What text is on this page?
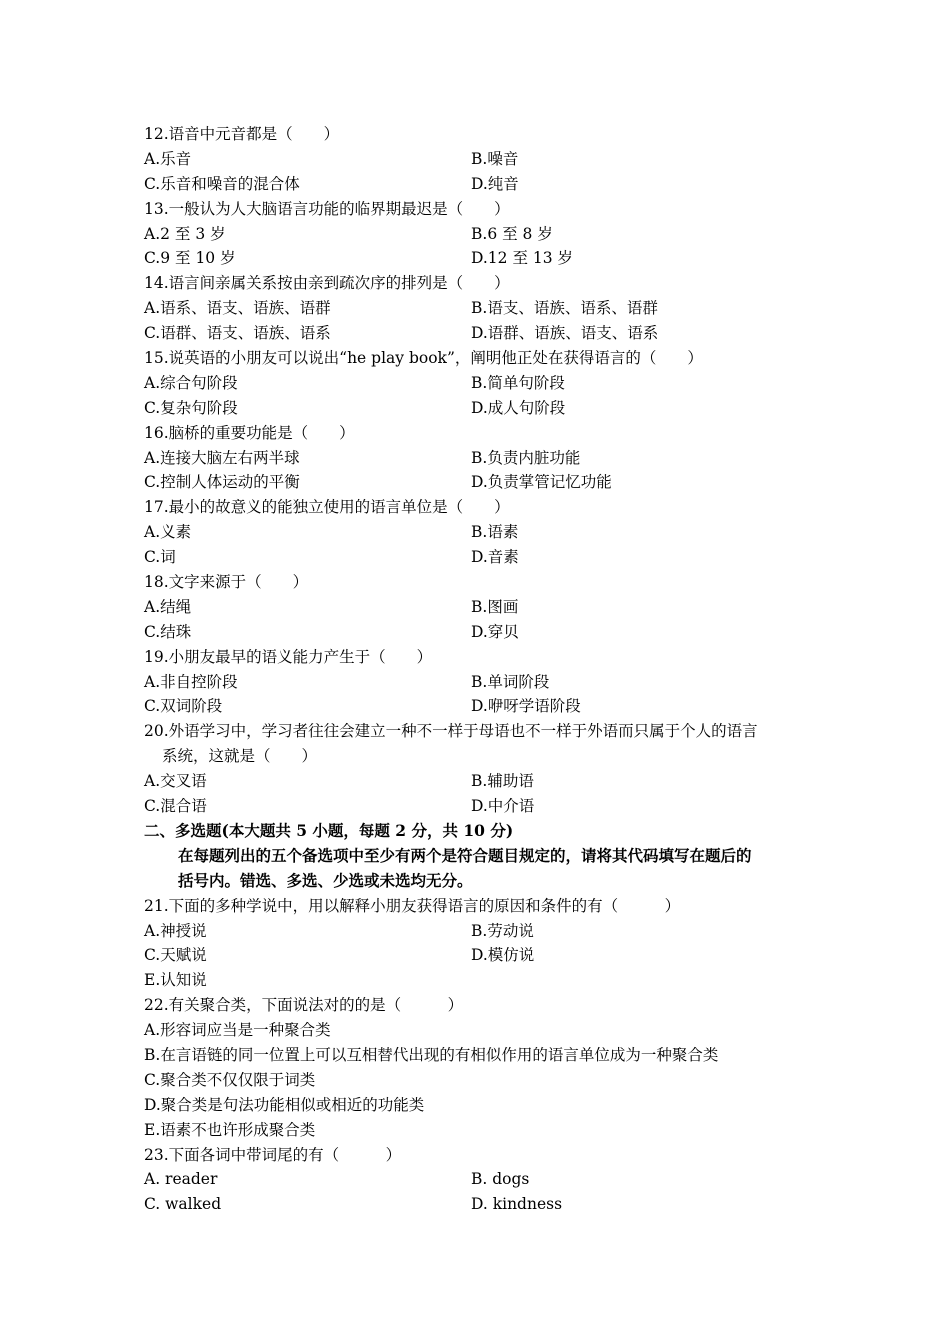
12.语音中元音都是（　　）
A.乐音	B.噪音
C.乐音和噪音的混合体	D.纯音
13.一般认为人大脑语言功能的临界期最迟是（　　）
A.2 至 3 岁	B.6 至 8 岁
C.9 至 10 岁	D.12 至 13 岁
14.语言间亲属关系按由亲到疏次序的排列是（　　）
A.语系、语支、语族、语群	B.语支、语族、语系、语群
C.语群、语支、语族、语系	D.语群、语族、语支、语系
15.说英语的小朋友可以说出“he play book”，阐明他正处在获得语言的（　　）
A.综合句阶段	B.简单句阶段
C.复杂句阶段	D.成人句阶段
16.脑桥的重要功能是（　　）
A.连接大脑左右两半球	B.负责内脏功能
C.控制人体运动的平衡	D.负责掌管记忆功能
17.最小的故意义的能独立使用的语言单位是（　　）
A.义素	B.语素
C.词	D.音素
18.文字来源于（　　）
A.结绳	B.图画
C.结珠	D.穿贝
19.小朋友最早的语义能力产生于（　　）
A.非自控阶段	B.单词阶段
C.双词阶段	D.咿呀学语阶段
20.外语学习中，学习者往往会建立一种不一样于母语也不一样于外语而只属于个人的语言
系统，这就是（　　）
A.交叉语	B.辅助语
C.混合语	D.中介语
二、多选题(本大题共 5 小题，每题 2 分，共 10 分)
在每题列出的五个备选项中至少有两个是符合题目规定的，请将其代码填写在题后的
括号内。错选、多选、少选或未选均无分。
21.下面的多种学说中，用以解释小朋友获得语言的原因和条件的有（　　　）
A.神授说	B.劳动说
C.天赋说	D.模仿说
E.认知说
22.有关聚合类，下面说法对的的是（　　　）
A.形容词应当是一种聚合类
B.在言语链的同一位置上可以互相替代出现的有相似作用的语言单位成为一种聚合类
C.聚合类不仅仅限于词类
D.聚合类是句法功能相似或相近的功能类
E.语素不也许形成聚合类
23.下面各词中带词尾的有（　　　）
A. reader	B. dogs
C. walked	D. kindness
